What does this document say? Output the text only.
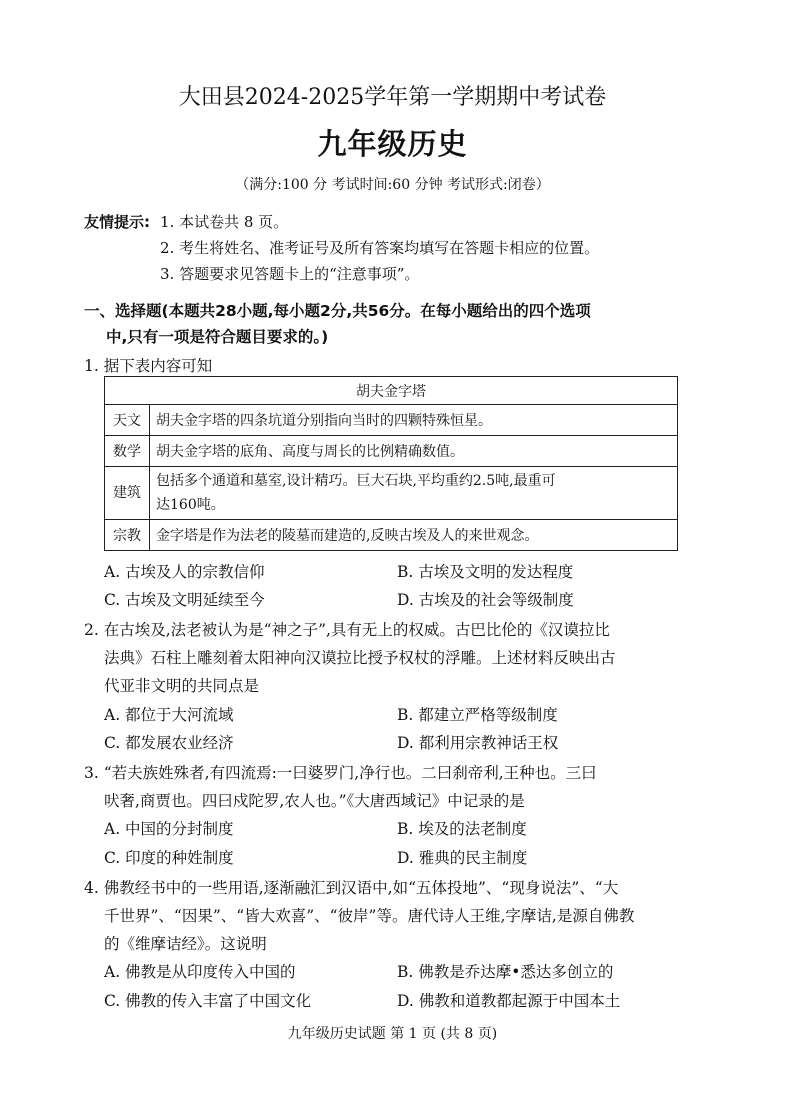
大田县2024-2025学年第一学期期中考试卷
九年级历史
（满分:100 分 考试时间:60 分钟 考试形式:闭卷）
友情提示: 1. 本试卷共 8 页。
2. 考生将姓名、准考证号及所有答案均填写在答题卡相应的位置。
3. 答题要求见答题卡上的“注意事项”。
一、选择题(本题共28小题,每小题2分,共56分。在每小题给出的四个选项
中,只有一项是符合题目要求的。)
1. 据下表内容可知
胡夫金字塔	
天文	胡夫金字塔的四条坑道分别指向当时的四颗特殊恒星。
数学	胡夫金字塔的底角、高度与周长的比例精确数值。
建筑	包括多个通道和墓室,设计精巧。巨大石块,平均重约2.5吨,最重可
达160吨。

宗教	金字塔是作为法老的陵墓而建造的,反映古埃及人的来世观念。
A. 古埃及人的宗教信仰	B. 古埃及文明的发达程度
C. 古埃及文明延续至今	D. 古埃及的社会等级制度
2. 在古埃及,法老被认为是“神之子”,具有无上的权威。古巴比伦的《汉谟拉比
法典》石柱上雕刻着太阳神向汉谟拉比授予权杖的浮雕。上述材料反映出古
代亚非文明的共同点是
A. 都位于大河流域	B. 都建立严格等级制度
C. 都发展农业经济	D. 都利用宗教神话王权
3. “若夫族姓殊者,有四流焉:一曰婆罗门,净行也。二曰刹帝利,王种也。三曰
吠奢,商贾也。四曰戍陀罗,农人也。”《大唐西域记》中记录的是
A. 中国的分封制度	B. 埃及的法老制度
C. 印度的种姓制度	D. 雅典的民主制度
4. 佛教经书中的一些用语,逐渐融汇到汉语中,如“五体投地”、“现身说法”、“大
千世界”、“因果”、“皆大欢喜”、“彼岸”等。唐代诗人王维,字摩诘,是源自佛教
的《维摩诘经》。这说明
A. 佛教是从印度传入中国的	B. 佛教是乔达摩•悉达多创立的
C. 佛教的传入丰富了中国文化	D. 佛教和道教都起源于中国本土
九年级历史试题 第 1 页 (共 8 页)
